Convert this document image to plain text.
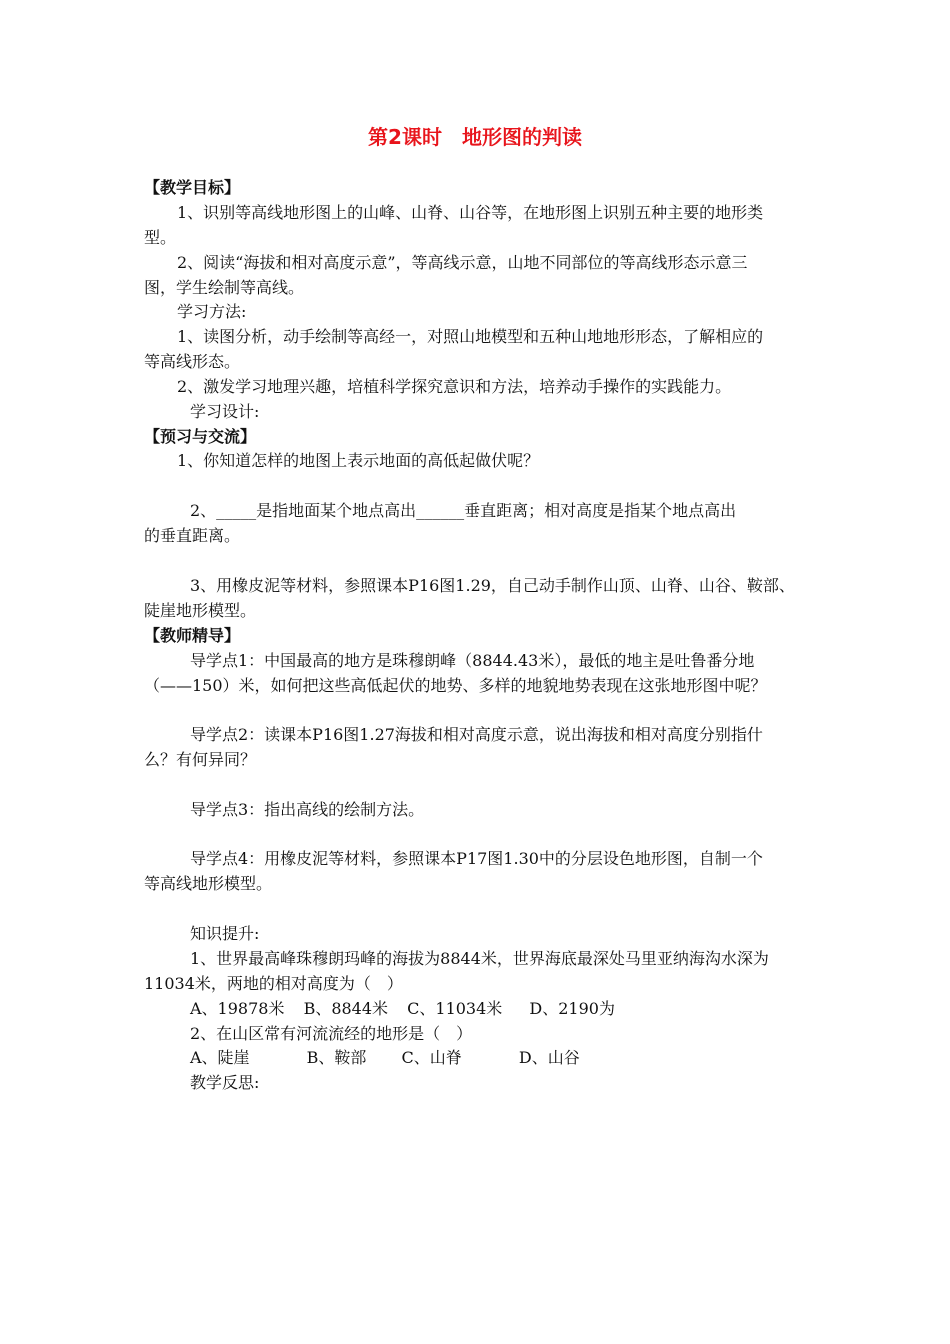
第2课时　地形图的判读
【教学目标】
1、识别等高线地形图上的山峰、山脊、山谷等，在地形图上识别五种主要的地形类
型。
2、阅读“海拔和相对高度示意”，等高线示意，山地不同部位的等高线形态示意三
图，学生绘制等高线。
学习方法:
1、读图分析，动手绘制等高经一，对照山地模型和五种山地地形形态，了解相应的
等高线形态。
2、激发学习地理兴趣，培植科学探究意识和方法，培养动手操作的实践能力。
学习设计:
【预习与交流】
1、你知道怎样的地图上表示地面的高低起做伏呢？
2、_____是指地面某个地点高出______垂直距离；相对高度是指某个地点高出
的垂直距离。
3、用橡皮泥等材料，参照课本P16图1.29，自己动手制作山顶、山脊、山谷、鞍部、
陡崖地形模型。
【教师精导】
导学点1：中国最高的地方是珠穆朗峰（8844.43米），最低的地主是吐鲁番分地
（——150）米，如何把这些高低起伏的地势、多样的地貌地势表现在这张地形图中呢？
导学点2：读课本P16图1.27海拔和相对高度示意，说出海拔和相对高度分别指什
么？有何异同？
导学点3：指出高线的绘制方法。
导学点4：用橡皮泥等材料，参照课本P17图1.30中的分层设色地形图，自制一个
等高线地形模型。
知识提升:
1、世界最高峰珠穆朗玛峰的海拔为8844米，世界海底最深处马里亚纳海沟水深为
11034米，两地的相对高度为（　）
A、19878米 B、8844米 C、11034米 D、2190为
2、在山区常有河流流经的地形是（　）
A、陡崖	B、鞍部 C、山脊	D、山谷
教学反思:
